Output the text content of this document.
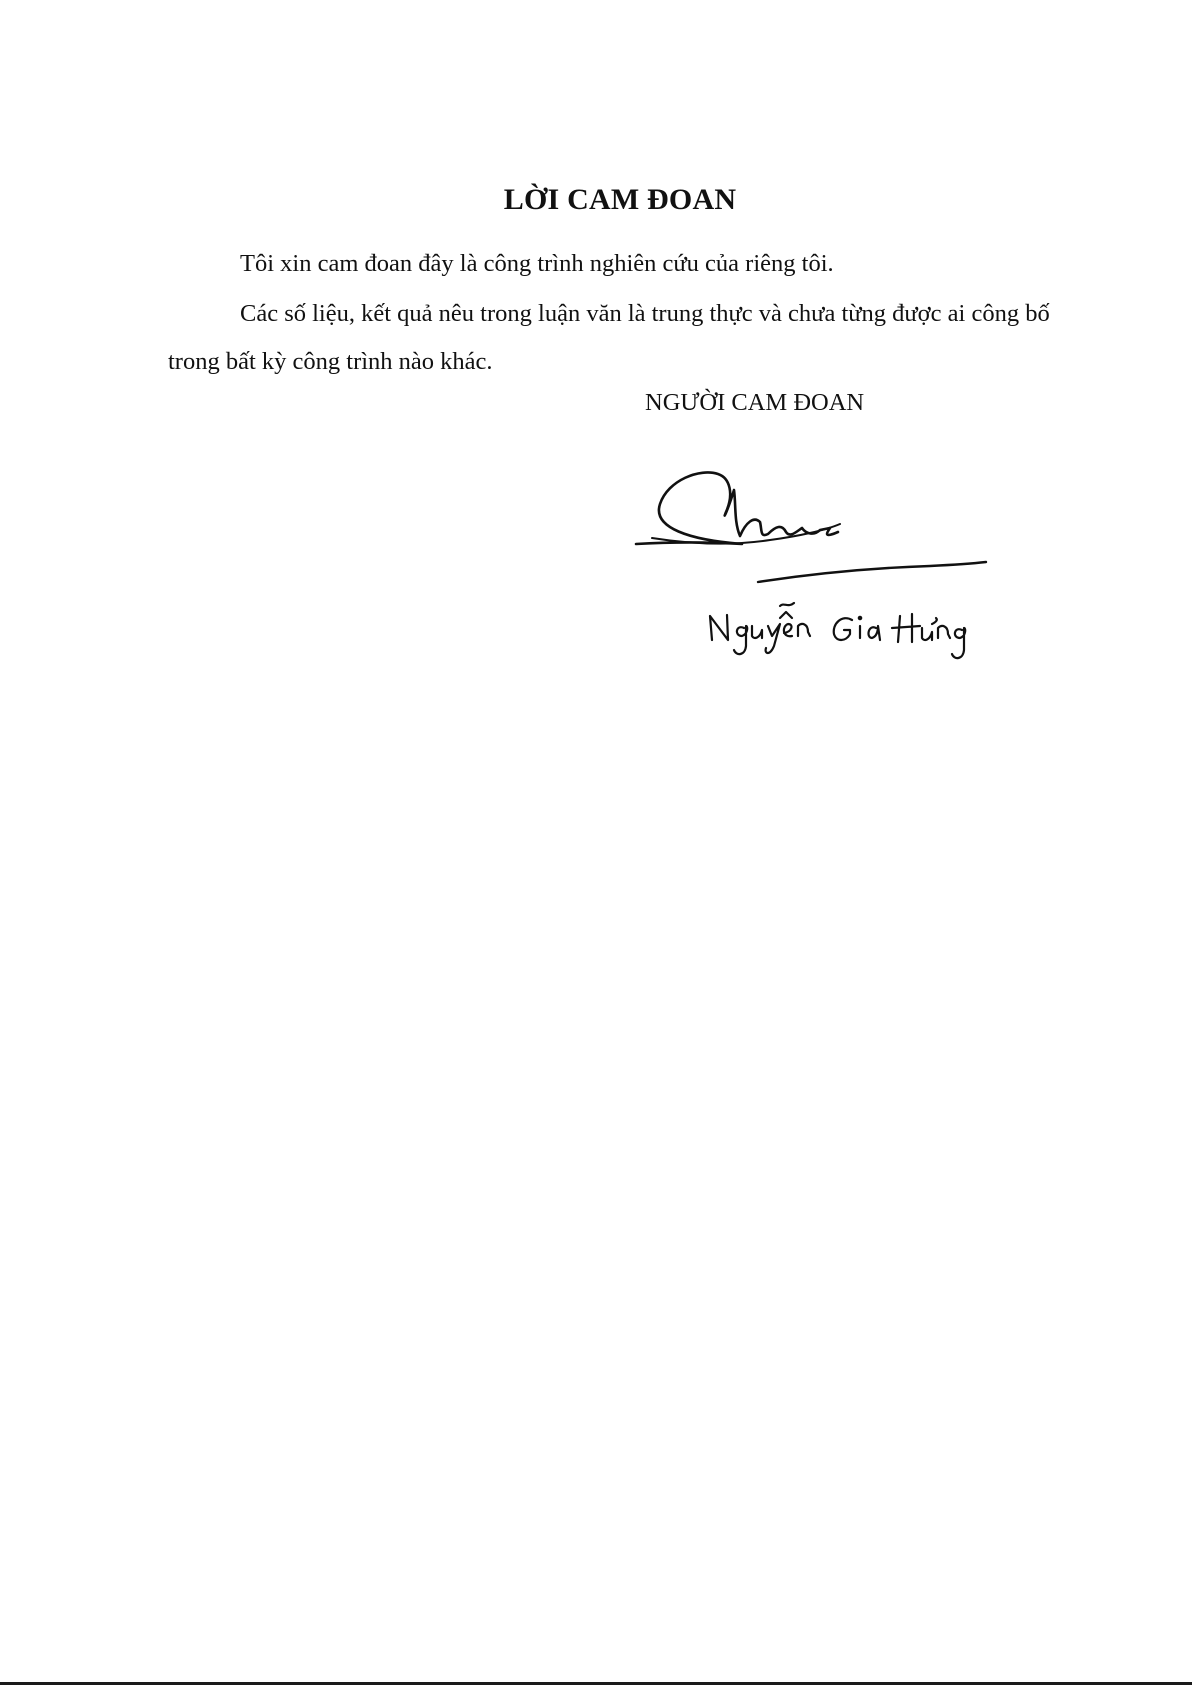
LỜI CAM ĐOAN

Tôi xin cam đoan đây là công trình nghiên cứu của riêng tôi.

Các số liệu, kết quả nêu trong luận văn là trung thực và chưa từng được ai công bố trong bất kỳ công trình nào khác.

NGƯỜI CAM ĐOAN
